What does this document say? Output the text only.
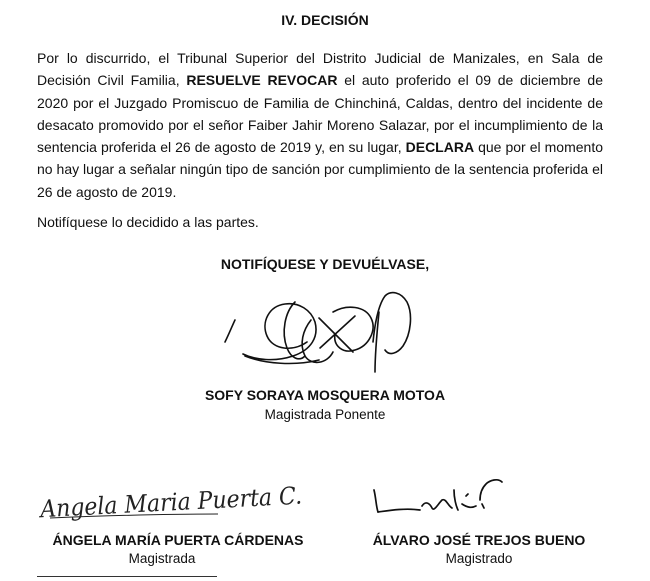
IV. DECISIÓN
Por lo discurrido, el Tribunal Superior del Distrito Judicial de Manizales, en Sala de Decisión Civil Familia, RESUELVE REVOCAR el auto proferido el 09 de diciembre de 2020 por el Juzgado Promiscuo de Familia de Chinchiná, Caldas, dentro del incidente de desacato promovido por el señor Faiber Jahir Moreno Salazar, por el incumplimiento de la sentencia proferida el 26 de agosto de 2019 y, en su lugar, DECLARA que por el momento no hay lugar a señalar ningún tipo de sanción por cumplimiento de la sentencia proferida el 26 de agosto de 2019.
Notifíquese lo decidido a las partes.
NOTIFÍQUESE Y DEVUÉLVASE,
SOFY SORAYA MOSQUERA MOTOA
Magistrada Ponente
Angela Maria Puerta C.
ÁNGELA MARÍA PUERTA CÁRDENAS
Magistrada
ÁLVARO JOSÉ TREJOS BUENO
Magistrado
